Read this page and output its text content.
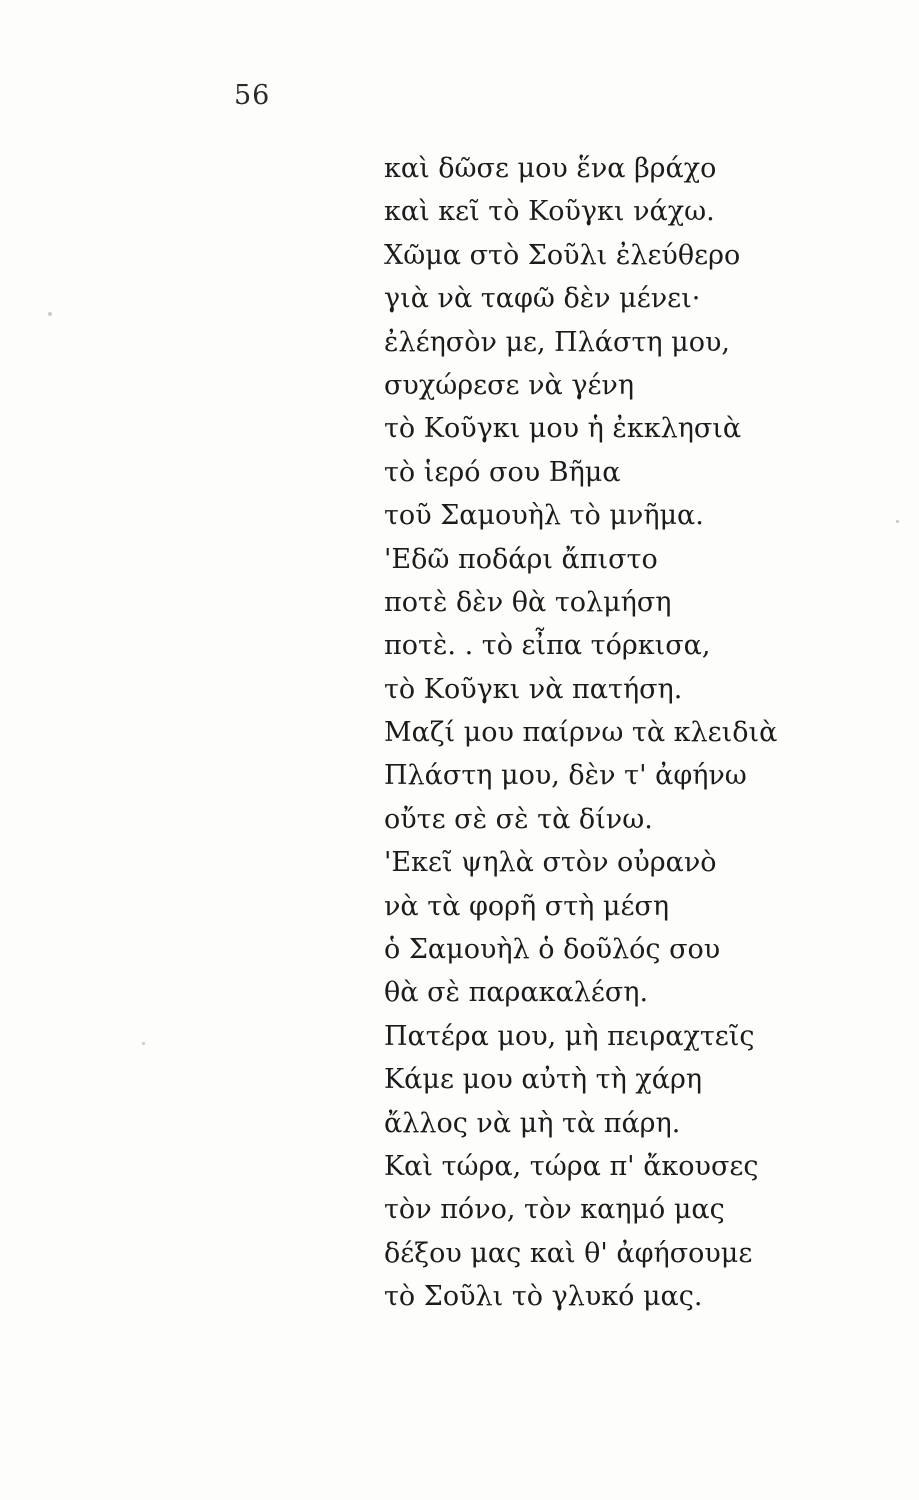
56
καὶ δῶσε μου ἕνα βράχο
καὶ κεῖ τὸ Κοῦγκι νάχω.
Χῶμα στὸ Σοῦλι ἐλεύθερο
γιὰ νὰ ταφῶ δὲν μένει·
ἐλέησὸν με, Πλάστη μου,
συχώρεσε νὰ γένη
τὸ Κοῦγκι μου ἡ ἐκκλησιὰ
τὸ ἱερό σου Βῆμα
τοῦ Σαμουὴλ τὸ μνῆμα.
'Εδῶ ποδάρι ἄπιστο
ποτὲ δὲν θὰ τολμήση
ποτὲ. . τὸ εἶπα τόρκισα,
τὸ Κοῦγκι νὰ πατήση.
Μαζί μου παίρνω τὰ κλειδιὰ
Πλάστη μου, δὲν τ' ἀφήνω
οὔτε σὲ σὲ τὰ δίνω.
'Εκεῖ ψηλὰ στὸν οὐρανὸ
νὰ τὰ φορῆ στὴ μέση
ὁ Σαμουὴλ ὁ δοῦλός σου
θὰ σὲ παρακαλέση.
Πατέρα μου, μὴ πειραχτεῖς
Κάμε μου αὐτὴ τὴ χάρη
ἄλλος νὰ μὴ τὰ πάρη.
Καὶ τώρα, τώρα π' ἄκουσες
τὸν πόνο, τὸν καημό μας
δέξου μας καὶ θ' ἀφήσουμε
τὸ Σοῦλι τὸ γλυκό μας.
